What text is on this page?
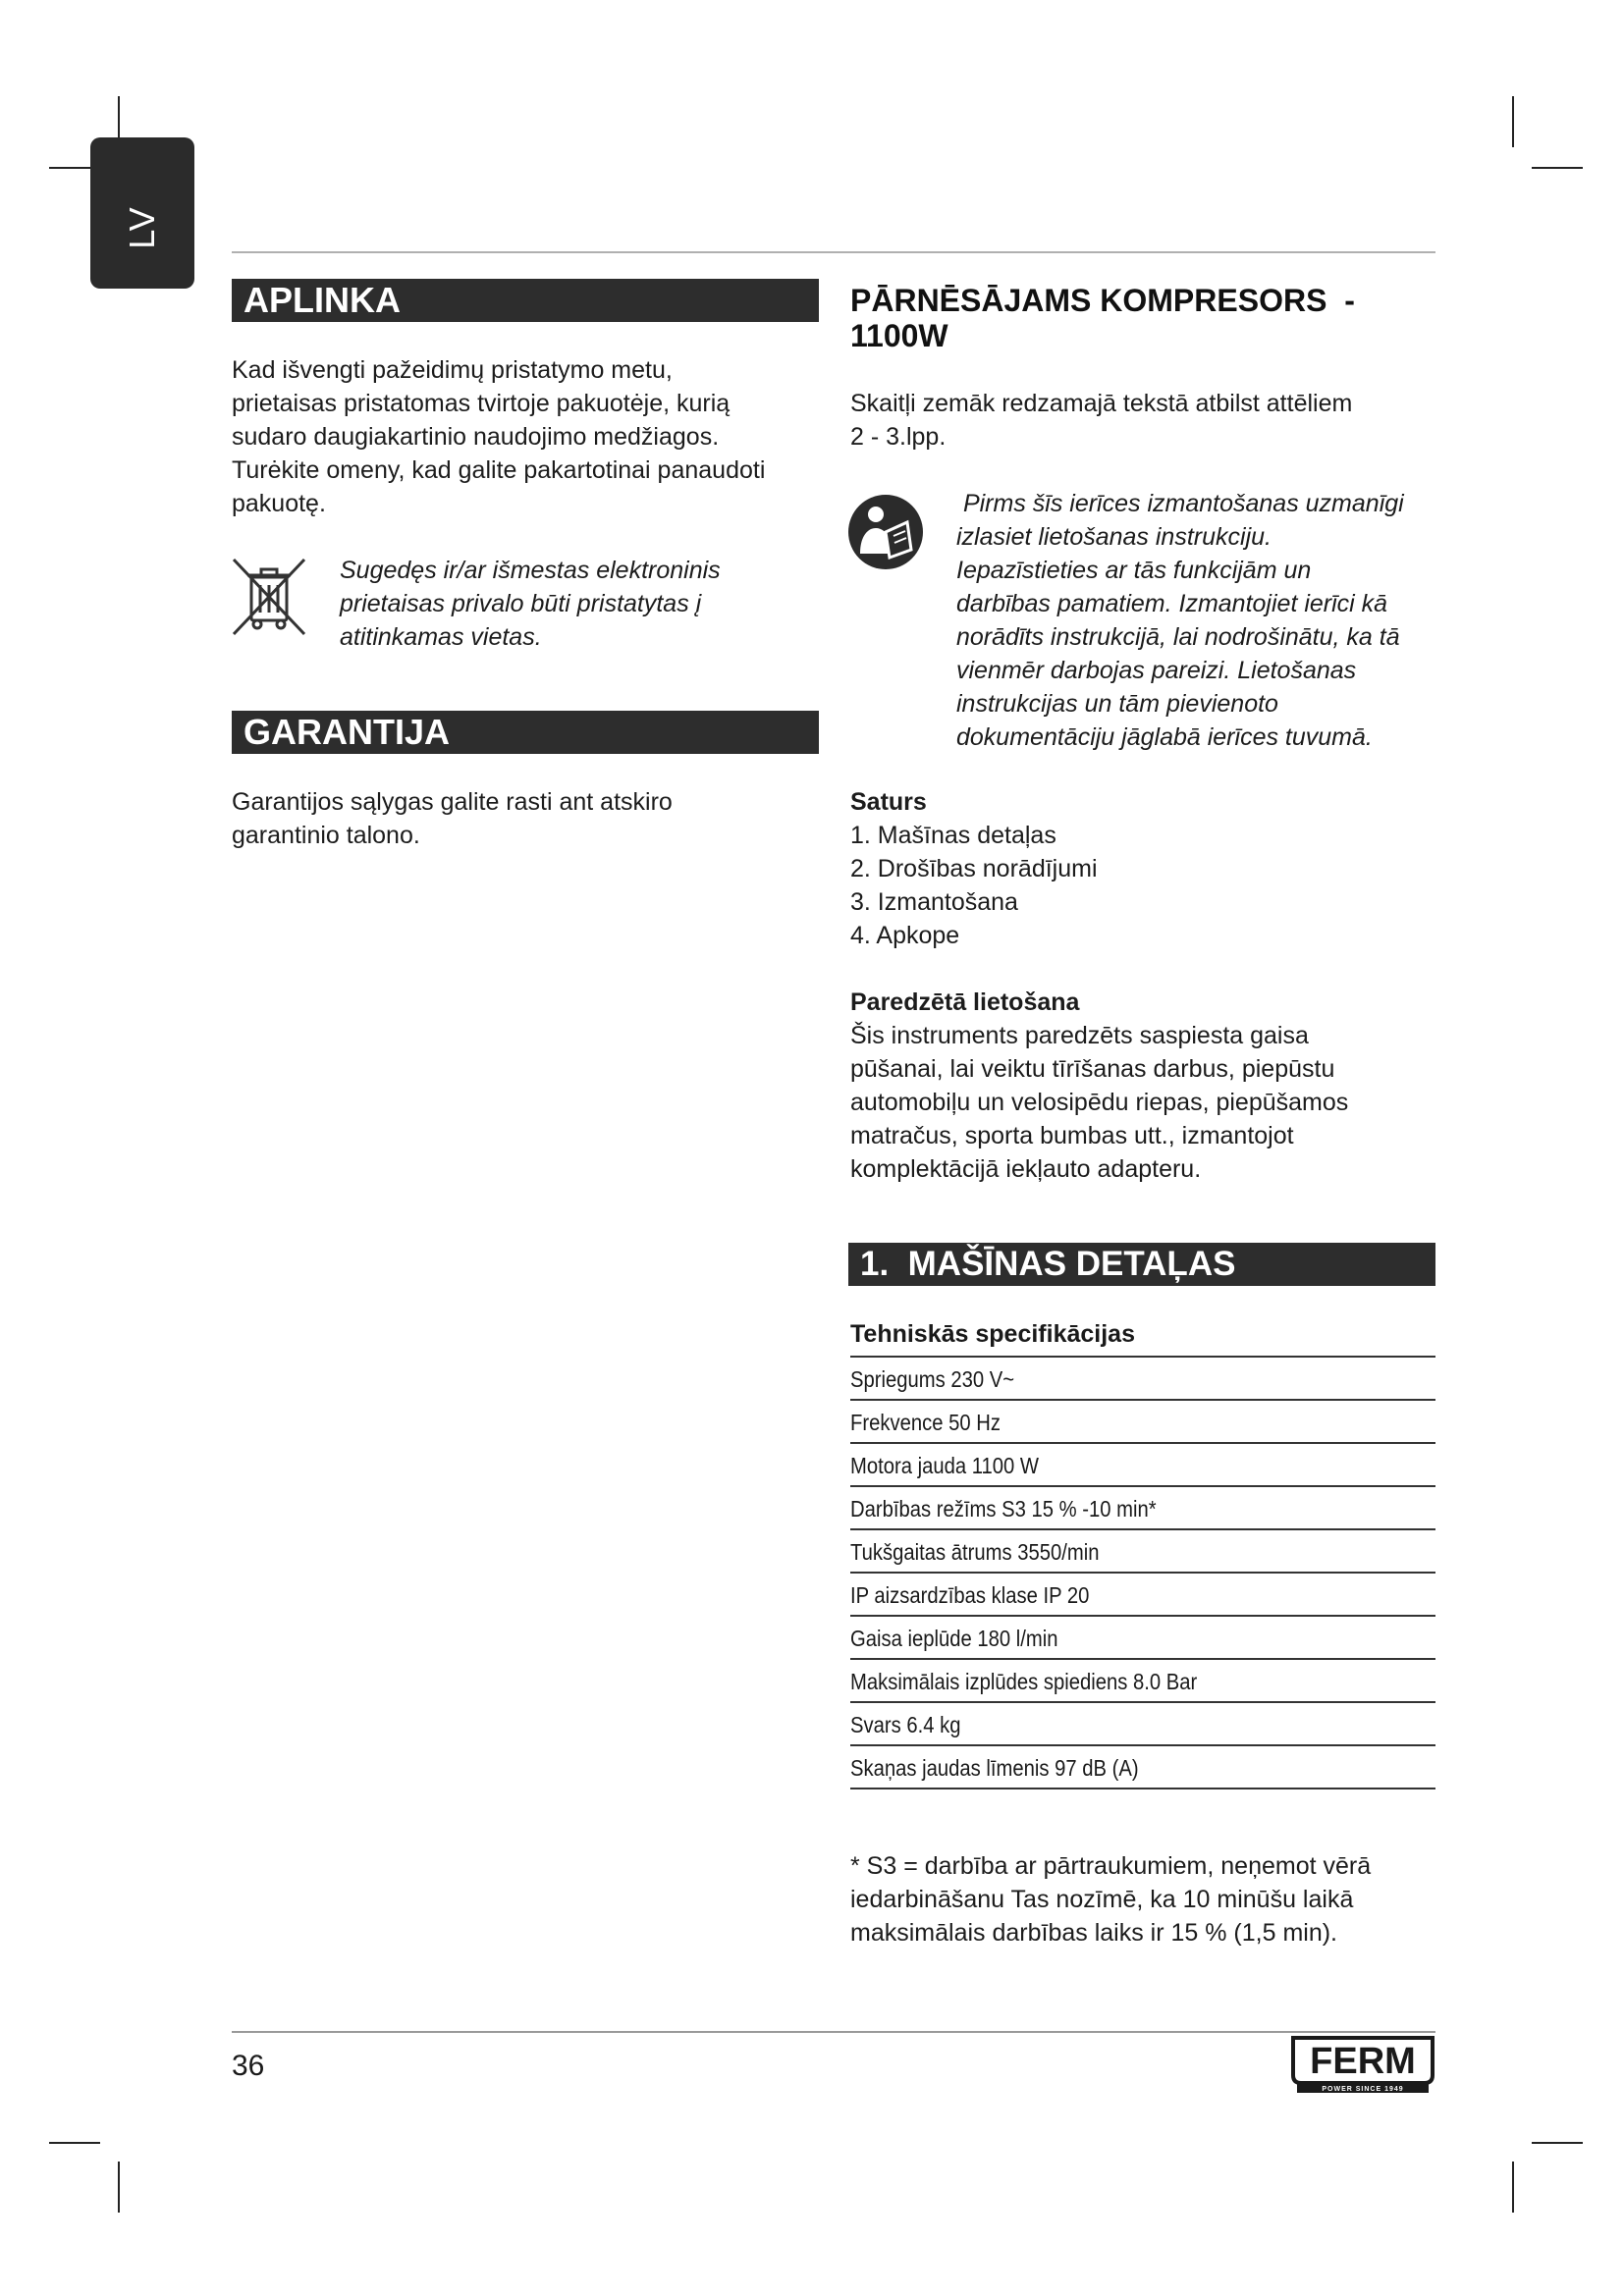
LV
APLINKA

Kad išvengti pažeidimų pristatymo metu,
prietaisas pristatomas tvirtoje pakuotėje, kurią
sudaro daugiakartinio naudojimo medžiagos.
Turėkite omeny, kad galite pakartotinai panaudoti
pakuotę.

Sugedęs ir/ar išmestas elektroninis
prietaisas privalo būti pristatytas į
atitinkamas vietas.

GARANTIJA

Garantijos sąlygas galite rasti ant atskiro
garantinio talono.

PĀRNĒSĀJAMS KOMPRESORS  -
1100W

Skaitļi zemāk redzamajā tekstā atbilst attēliem
2 - 3.lpp.

Pirms šīs ierīces izmantošanas uzmanīgi
izlasiet lietošanas instrukciju.
Iepazīstieties ar tās funkcijām un
darbības pamatiem. Izmantojiet ierīci kā
norādīts instrukcijā, lai nodrošinātu, ka tā
vienmēr darbojas pareizi. Lietošanas
instrukcijas un tām pievienoto
dokumentāciju jāglabā ierīces tuvumā.

Saturs
1. Mašīnas detaļas
2. Drošības norādījumi
3. Izmantošana
4. Apkope

Paredzētā lietošana
Šis instruments paredzēts saspiesta gaisa
pūšanai, lai veiktu tīrīšanas darbus, piepūstu
automobiļu un velosipēdu riepas, piepūšamos
matračus, sporta bumbas utt., izmantojot
komplektācijā iekļauto adapteru.

1.  MAŠĪNAS DETAĻAS
Tehniskās specifikācijas
Spriegums 230 V~
Frekvence 50 Hz
Motora jauda 1100 W
Darbības režīms S3 15 % -10 min*
Tukšgaitas ātrums 3550/min
IP aizsardzības klase IP 20
Gaisa ieplūde 180 l/min
Maksimālais izplūdes spiediens 8.0 Bar
Svars 6.4 kg
Skaņas jaudas līmenis 97 dB (A)

* S3 = darbība ar pārtraukumiem, neņemot vērā
iedarbināšanu Tas nozīmē, ka 10 minūšu laikā
maksimālais darbības laiks ir 15 % (1,5 min).

36	FERM
POWER SINCE 1949
